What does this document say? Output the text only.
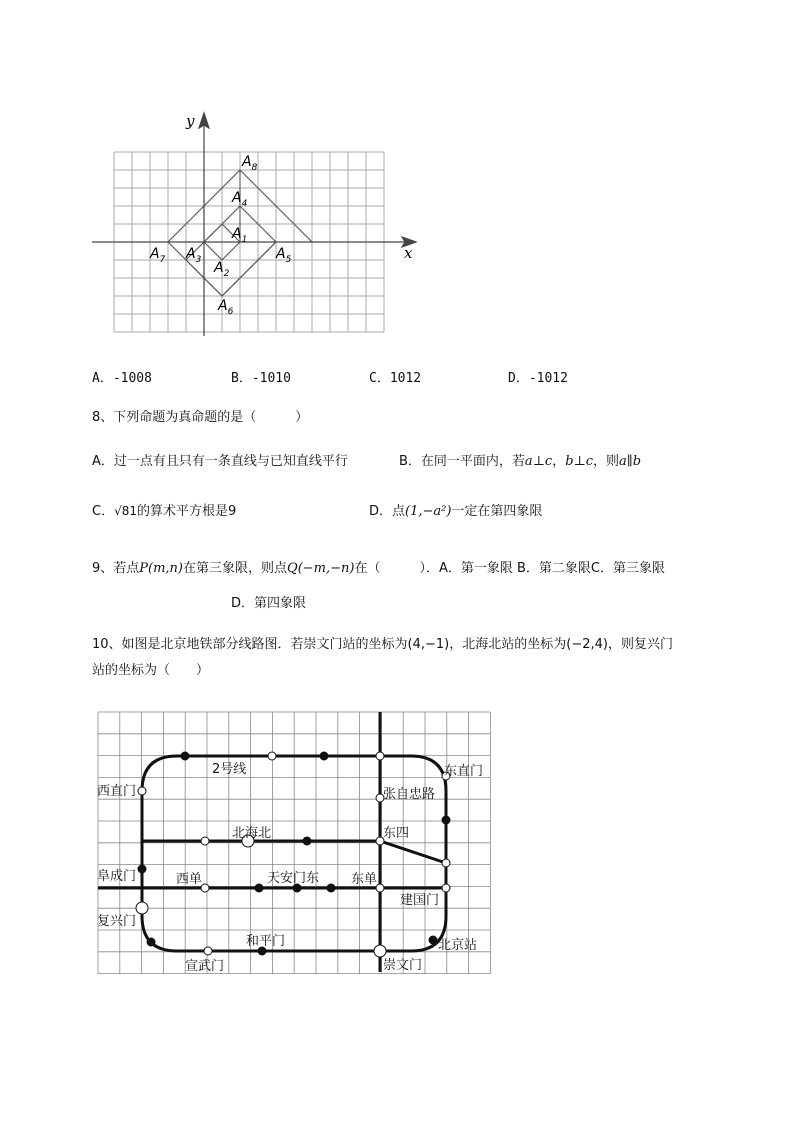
x
y
$A_8$
$A_4$
$A_1$
$A_7$ $A_3$ $A_2$
$A_5$
$A_6$
A．-1008	B．-1010	C．1012	D．-1012
8、下列命题为真命题的是（　　　）
A．过一点有且只有一条直线与已知直线平行	B．在同一平面内，若a⊥c，b⊥c，则a∥b
C．√81的算术平方根是9	D．点(1,−a²)一定在第四象限
9、若点P(m,n)在第三象限，则点Q(−m,−n)在（　　　）．A．第一象限 B．第二象限C．第三象限
D．第四象限
10、如图是北京地铁部分线路图．若崇文门站的坐标为(4,−1)，北海北站的坐标为(−2,4)，则复兴门
站的坐标为（　　）
2号线
西直门
东直门
张自忠路
北海北	东四
阜成门	西单	天安门东 东单
建国门
复兴门
和平门	北京站
宣武门	崇文门
